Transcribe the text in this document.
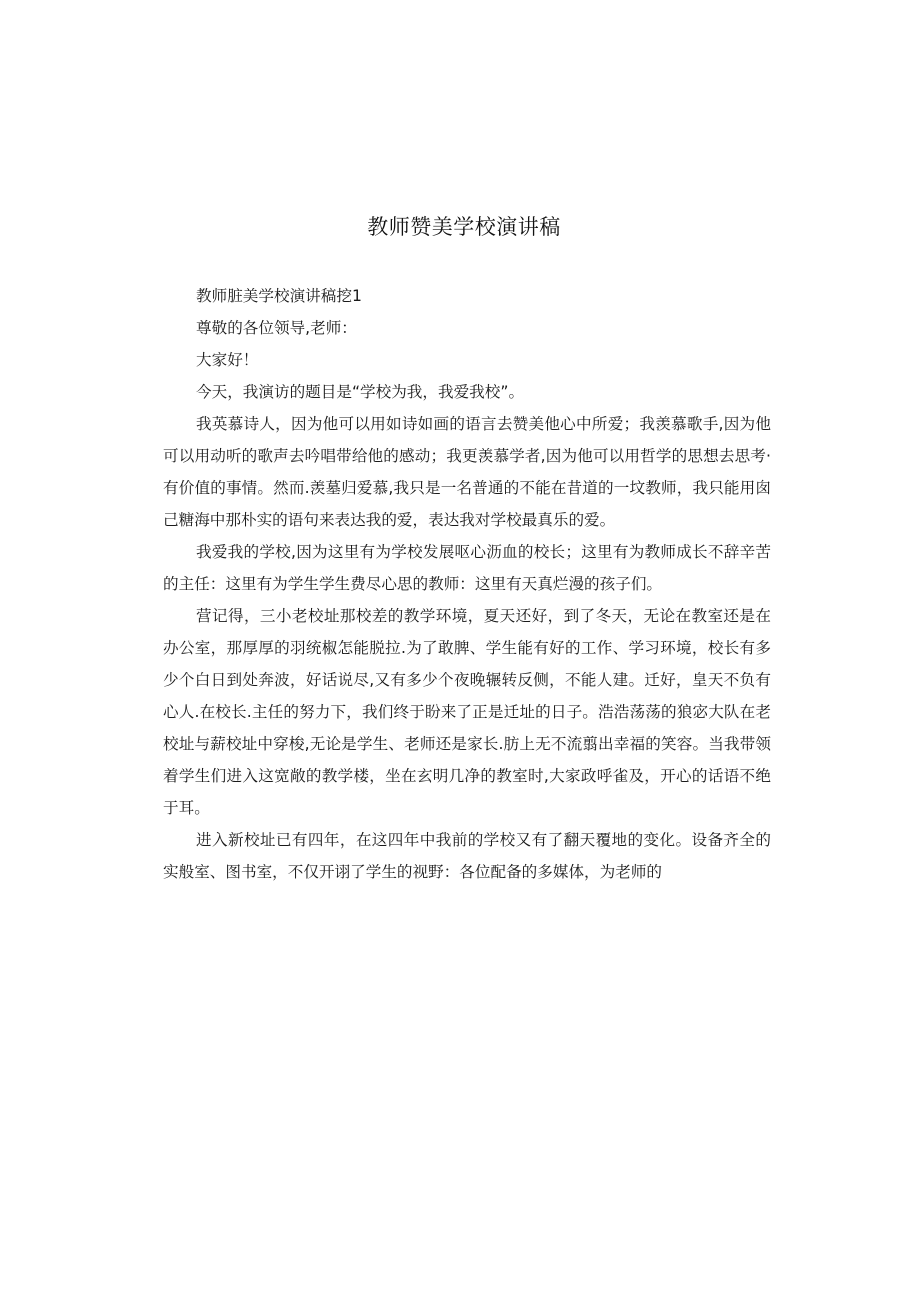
教师赞美学校演讲稿

教师脏美学校演讲稿挖1

尊敬的各位领导,老师：

大家好！

今天，我演访的题目是“学校为我，我爱我校”。

我英慕诗人，因为他可以用如诗如画的语言去赞美他心中所爱；我羡慕歌手,因为他可以用动听的歌声去吟唱带给他的感动；我更羡慕学者,因为他可以用哲学的思想去思考·有价值的事情。然而.羡墓归爱慕,我只是一名普通的不能在昔道的一坟教师，我只能用囱己糖海中那朴实的语句来表达我的爱，表达我对学校最真乐的爱。

我爱我的学校,因为这里有为学校发展呕心沥血的校长；这里有为教师成长不辞辛苦的主任：这里有为学生学生费尽心思的教师：这里有天真烂漫的孩子们。

营记得，三小老校址那校差的教学环境，夏天还好，到了冬天，无论在教室还是在办公室，那厚厚的羽统椒怎能脱拉.为了敢脾、学生能有好的工作、学习环境，校长有多少个白日到处奔波，好话说尽,又有多少个夜晚辗转反侧，不能人建。迁好，皇天不负有心人.在校长.主任的努力下，我们终于盼来了正是迁址的日子。浩浩荡荡的狼宓大队在老校址与薪校址中穿梭,无论是学生、老师还是家长.肪上无不流翦出幸福的笑容。当我带领着学生们进入这宽敞的教学楼，坐在玄明几净的教室时,大家政呼雀及，开心的话语不绝于耳。

进入新校址已有四年，在这四年中我前的学校又有了翻天覆地的变化。设备齐全的实般室、图书室，不仅开诩了学生的视野：各位配备的多媒体，为老师的
